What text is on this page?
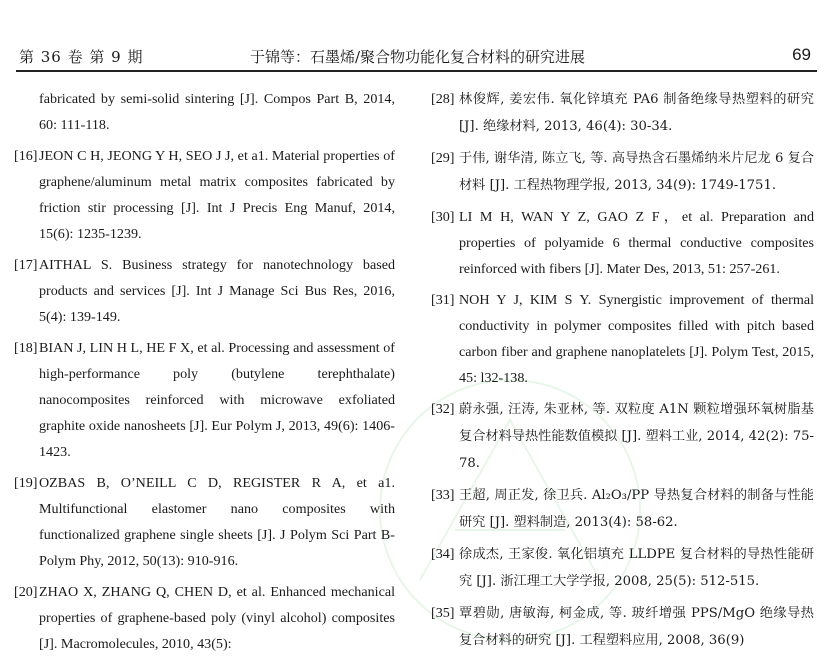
第 36 卷 第 9 期	于锦等：石墨烯/聚合物功能化复合材料的研究进展	69
fabricated by semi-solid sintering [J]. Compos Part B, 2014, 60: 111-118.
[16] JEON C H, JEONG Y H, SEO J J, et a1. Material properties of graphene/aluminum metal matrix composites fabricated by friction stir processing [J]. Int J Precis Eng Manuf, 2014, 15(6): 1235-1239.
[17] AITHAL S. Business strategy for nanotechnology based products and services [J]. Int J Manage Sci Bus Res, 2016, 5(4): 139-149.
[18] BIAN J, LIN H L, HE F X, et al. Processing and assessment of high-performance poly (butylene terephthalate) nanocomposites reinforced with microwave exfoliated graphite oxide nanosheets [J]. Eur Polym J, 2013, 49(6): 1406-1423.
[19] OZBAS B, O’NEILL C D, REGISTER R A, et a1. Multifunctional elastomer nano composites with functionalized graphene single sheets [J]. J Polym Sci Part B-Polym Phy, 2012, 50(13): 910-916.
[20] ZHAO X, ZHANG Q, CHEN D, et al. Enhanced mechanical properties of graphene-based poly (vinyl alcohol) composites [J]. Macromolecules, 2010, 43(5):
[28] 林俊辉, 姜宏伟. 氧化锌填充 PA6 制备绝缘导热塑料的研究 [J]. 绝缘材料, 2013, 46(4): 30-34.
[29] 于伟, 谢华清, 陈立飞, 等. 高导热含石墨烯纳米片尼龙 6 复合材料 [J]. 工程热物理学报, 2013, 34(9): 1749-1751.
[30] LI M H, WAN Y Z, GAO Z F，et al. Preparation and properties of polyamide 6 thermal conductive composites reinforced with fibers [J]. Mater Des, 2013, 51: 257-261.
[31] NOH Y J, KIM S Y. Synergistic improvement of thermal conductivity in polymer composites filled with pitch based carbon fiber and graphene nanoplatelets [J]. Polym Test, 2015, 45: l32-138.
[32] 蔚永强, 汪涛, 朱亚林, 等. 双粒度 A1N 颗粒增强环氧树脂基复合材料导热性能数值模拟 [J]. 塑料工业, 2014, 42(2): 75-78.
[33] 王超, 周正发, 徐卫兵. Al₂O₃/PP 导热复合材料的制备与性能研究 [J]. 塑料制造, 2013(4): 58-62.
[34] 徐成杰, 王家俊. 氧化铝填充 LLDPE 复合材料的导热性能研究 [J]. 浙江理工大学学报, 2008, 25(5): 512-515.
[35] 覃碧勋, 唐敏海, 柯金成, 等. 玻纤增强 PPS/MgO 绝缘导热复合材料的研究 [J]. 工程塑料应用, 2008, 36(9)
